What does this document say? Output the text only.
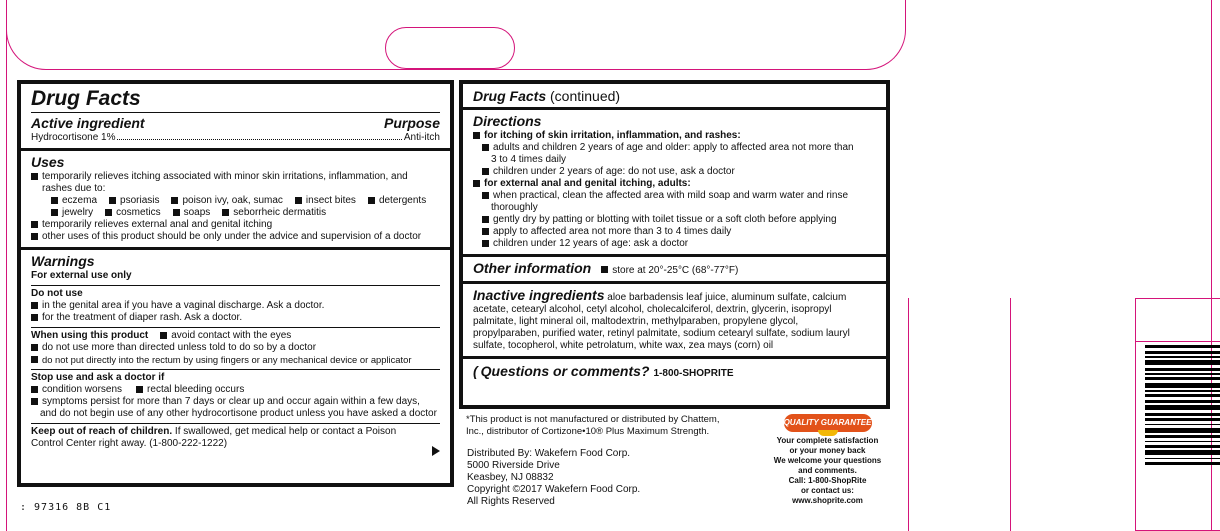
Drug Facts
Active ingredient	Purpose
Hydrocortisone 1%	Anti-itch
Uses
temporarily relieves itching associated with minor skin irritations, inflammation, and rashes due to:
eczema psoriasis poison ivy, oak, sumac insect bites detergents
jewelry cosmetics soaps seborrheic dermatitis
temporarily relieves external anal and genital itching
other uses of this product should be only under the advice and supervision of a doctor
Warnings
For external use only
Do not use
in the genital area if you have a vaginal discharge. Ask a doctor.
for the treatment of diaper rash. Ask a doctor.
When using this product avoid contact with the eyes
do not use more than directed unless told to do so by a doctor
do not put directly into the rectum by using fingers or any mechanical device or applicator
Stop use and ask a doctor if
condition worsens	rectal bleeding occurs
symptoms persist for more than 7 days or clear up and occur again within a few days,
and do not begin use of any other hydrocortisone product unless you have asked a doctor
Keep out of reach of children. If swallowed, get medical help or contact a Poison
Control Center right away. (1-800-222-1222)
Drug Facts (continued)
Directions
for itching of skin irritation, inflammation, and rashes:
adults and children 2 years of age and older: apply to affected area not more than
3 to 4 times daily
children under 2 years of age: do not use, ask a doctor
for external anal and genital itching, adults:
when practical, clean the affected area with mild soap and warm water and rinse
thoroughly
gently dry by patting or blotting with toilet tissue or a soft cloth before applying
apply to affected area not more than 3 to 4 times daily
children under 12 years of age: ask a doctor
Other information store at 20°-25°C (68°-77°F)
Inactive ingredients aloe barbadensis leaf juice, aluminum sulfate, calcium
acetate, cetearyl alcohol, cetyl alcohol, cholecalciferol, dextrin, glycerin, isopropyl
palmitate, light mineral oil, maltodextrin, methylparaben, propylene glycol,
propylparaben, purified water, retinyl palmitate, sodium cetearyl sulfate, sodium lauryl
sulfate, tocopherol, white petrolatum, white wax, zea mays (corn) oil
( Questions or comments? 1-800-SHOPRITE
*This product is not manufactured or distributed by Chattem,
Inc., distributor of Cortizone•10® Plus Maximum Strength.
Distributed By: Wakefern Food Corp.
5000 Riverside Drive
Keasbey, NJ 08832
Copyright ©2017 Wakefern Food Corp.
All Rights Reserved
QUALITY GUARANTEE
Your complete satisfaction
or your money back
We welcome your questions
and comments.
Call: 1-800-ShopRite
or contact us:
www.shoprite.com
: 97316 8B C1
